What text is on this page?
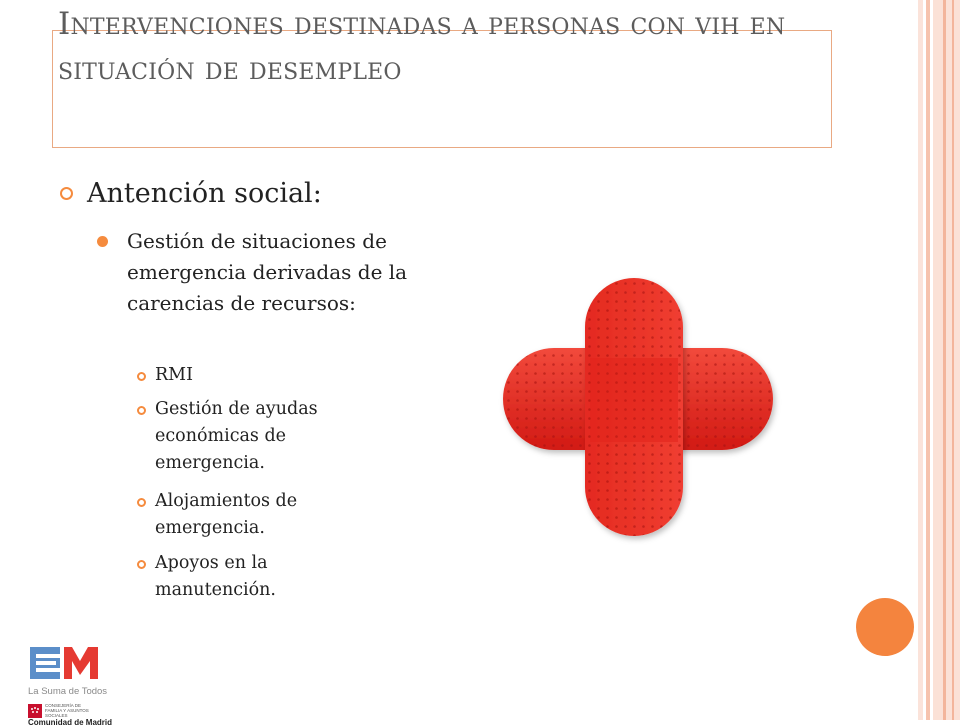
Intervenciones destinadas a personas con vih en situación de desempleo
Antención social:
Gestión de situaciones de emergencia derivadas de la carencias de recursos:
RMI
Gestión de ayudas económicas de emergencia.
Alojamientos de emergencia.
Apoyos en la manutención.
La Suma de Todos
CONSEJERÍA DE FAMILIA Y ASUNTOS SOCIALES
Comunidad de Madrid
